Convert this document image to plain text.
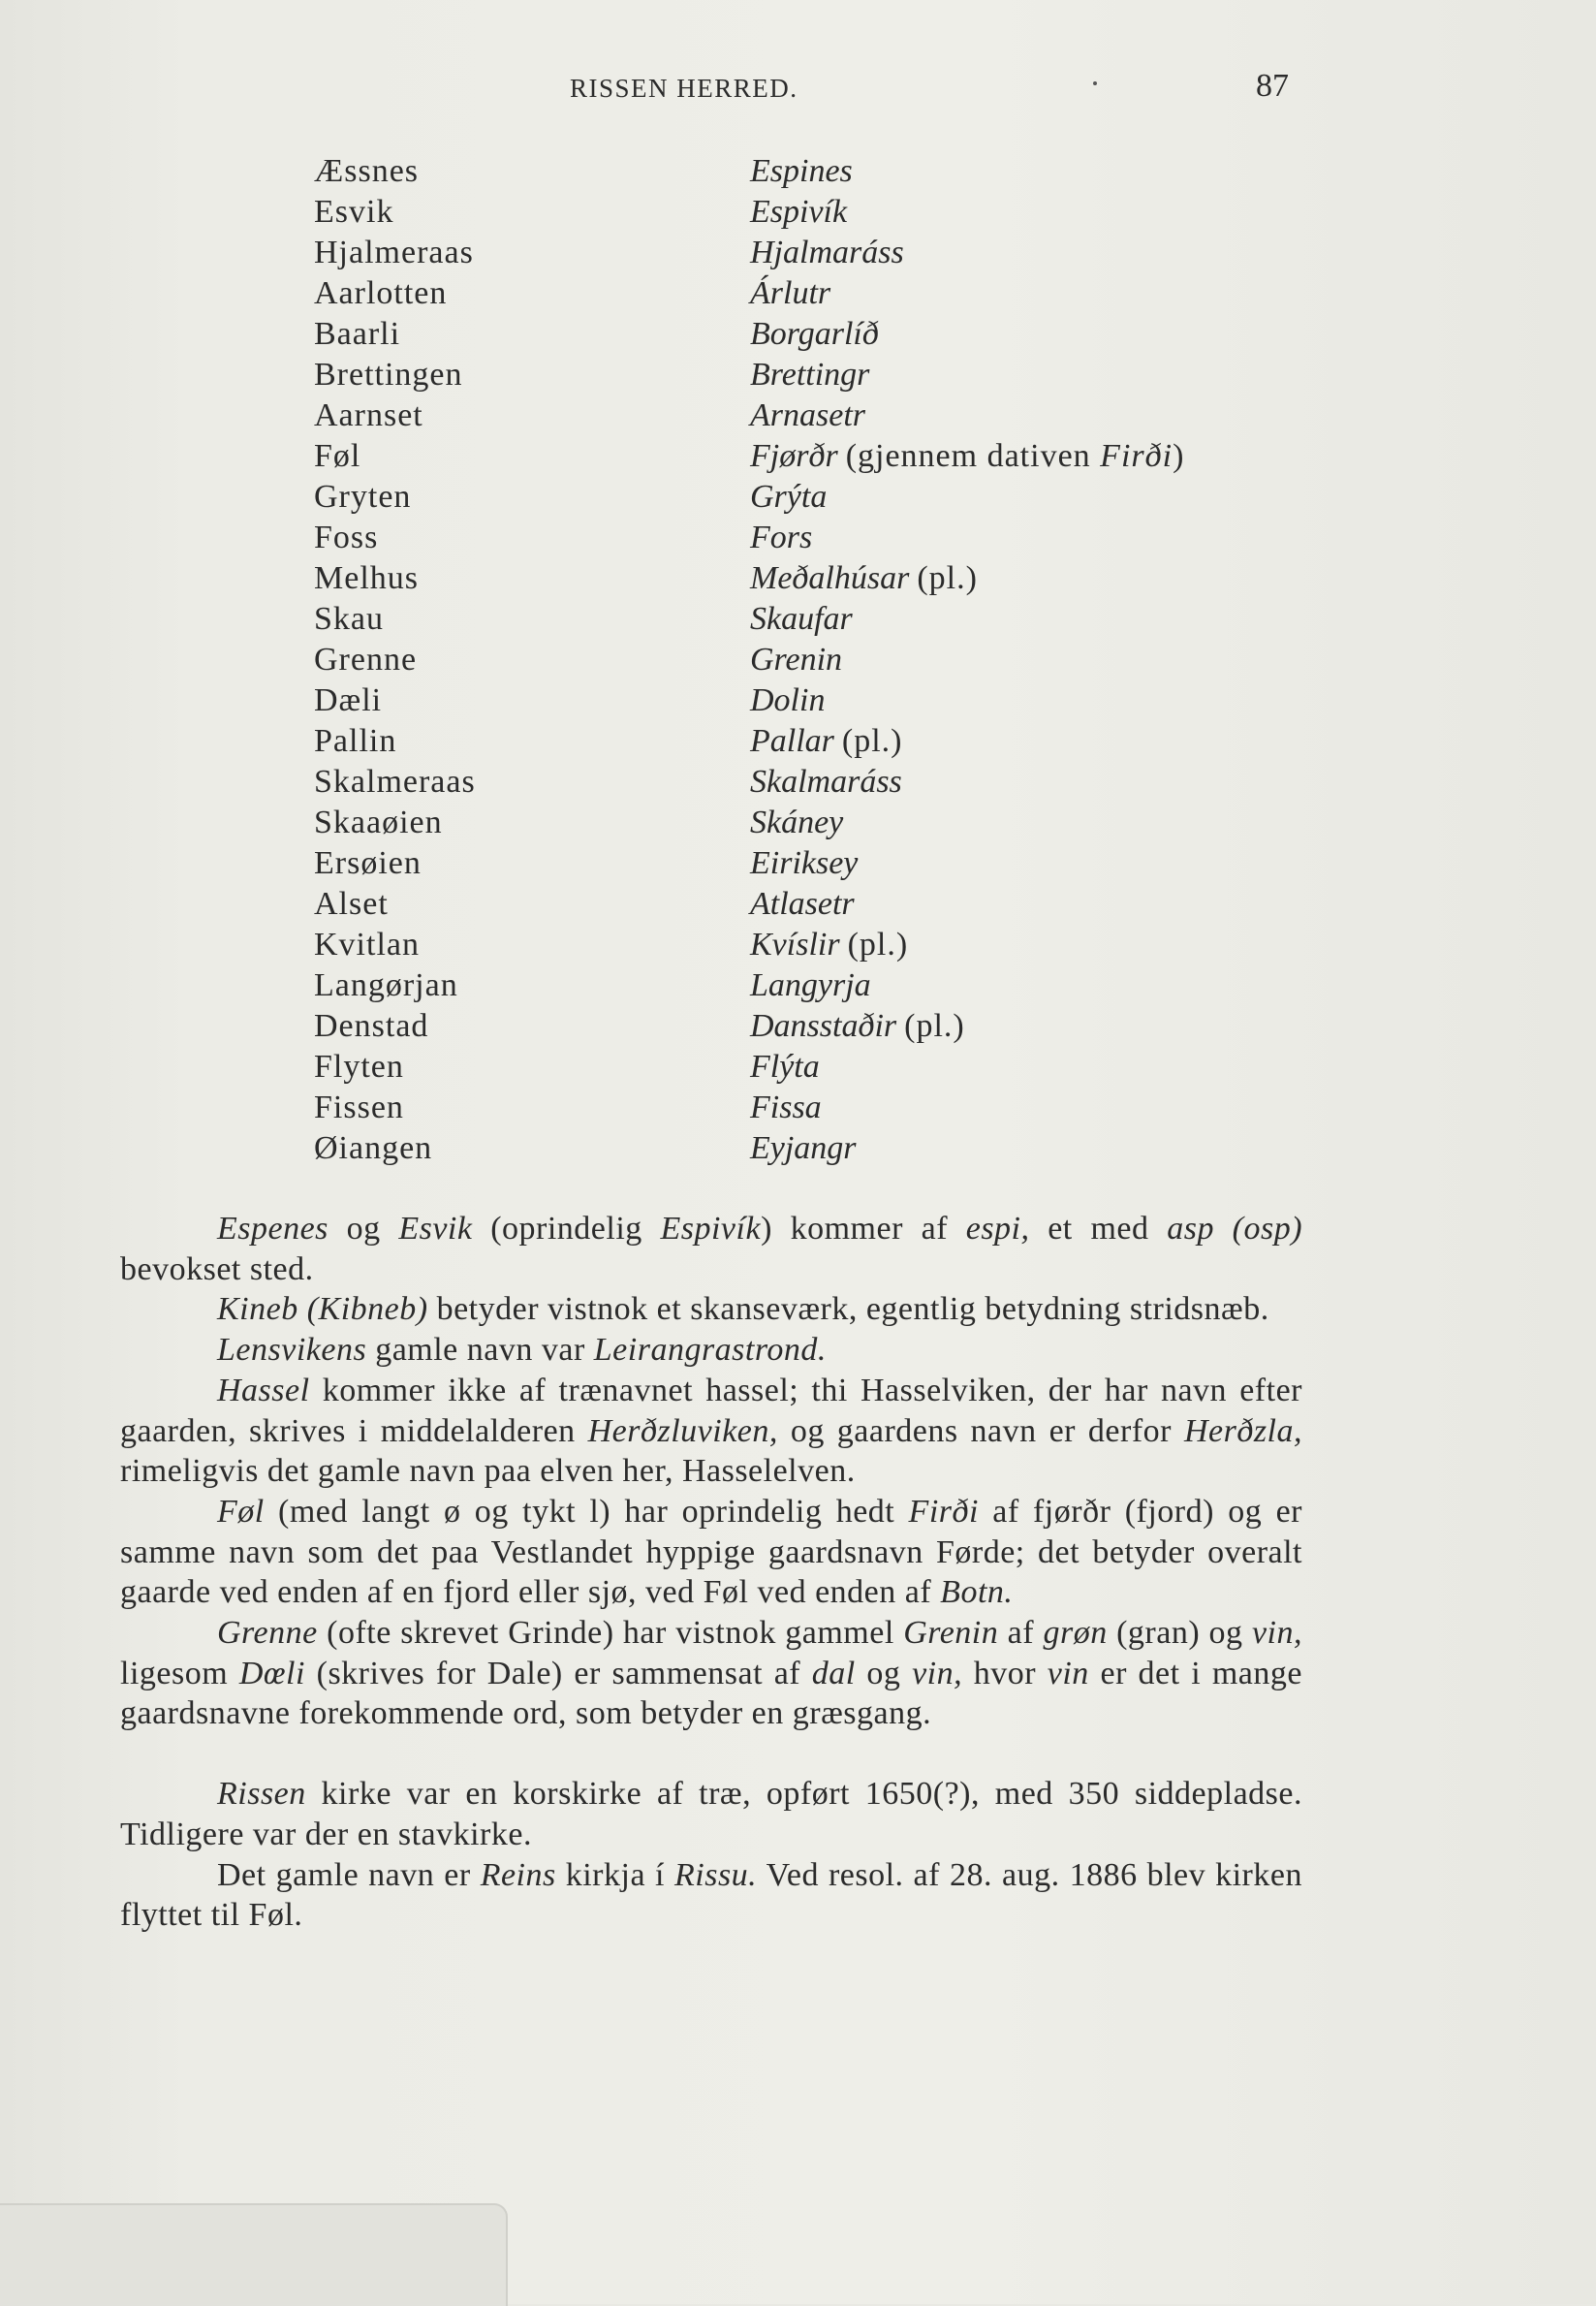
RISSEN HERRED.	87
Æssnes	Espines
Esvik	Espivík
Hjalmeraas	Hjalmaráss
Aarlotten	Árlutr
Baarli	Borgarlíð
Brettingen	Brettingr
Aarnset	Arnasetr
Føl	Fjørðr (gjennem dativen Firði)
Gryten	Grýta
Foss	Fors
Melhus	Meðalhúsar (pl.)
Skau	Skaufar
Grenne	Grenin
Dæli	Dolin
Pallin	Pallar (pl.)
Skalmeraas	Skalmaráss
Skaaøien	Skáney
Ersøien	Eiriksey
Alset	Atlasetr
Kvitlan	Kvíslir (pl.)
Langørjan	Langyrja
Denstad	Dansstaðir (pl.)
Flyten	Flýta
Fissen	Fissa
Øiangen	Eyjangr

Espenes og Esvik (oprindelig Espivík) kommer af espi, et med asp (osp) bevokset sted.

Kineb (Kibneb) betyder vistnok et skanseværk, egentlig betydning stridsnæb.

Lensvikens gamle navn var Leirangrastrond.

Hassel kommer ikke af trænavnet hassel; thi Hasselviken, der har navn efter gaarden, skrives i middelalderen Herðzluviken, og gaardens navn er derfor Herðzla, rimeligvis det gamle navn paa elven her, Hasselelven.

Føl (med langt ø og tykt l) har oprindelig hedt Firði af fjørðr (fjord) og er samme navn som det paa Vestlandet hyppige gaardsnavn Førde; det betyder overalt gaarde ved enden af en fjord eller sjø, ved Føl ved enden af Botn.

Grenne (ofte skrevet Grinde) har vistnok gammel Grenin af grøn (gran) og vin, ligesom Dœli (skrives for Dale) er sammensat af dal og vin, hvor vin er det i mange gaardsnavne forekommende ord, som betyder en græsgang.

Rissen kirke var en korskirke af træ, opført 1650(?), med 350 siddepladse. Tidligere var der en stavkirke.

Det gamle navn er Reins kirkja í Rissu. Ved resol. af 28. aug. 1886 blev kirken flyttet til Føl.
